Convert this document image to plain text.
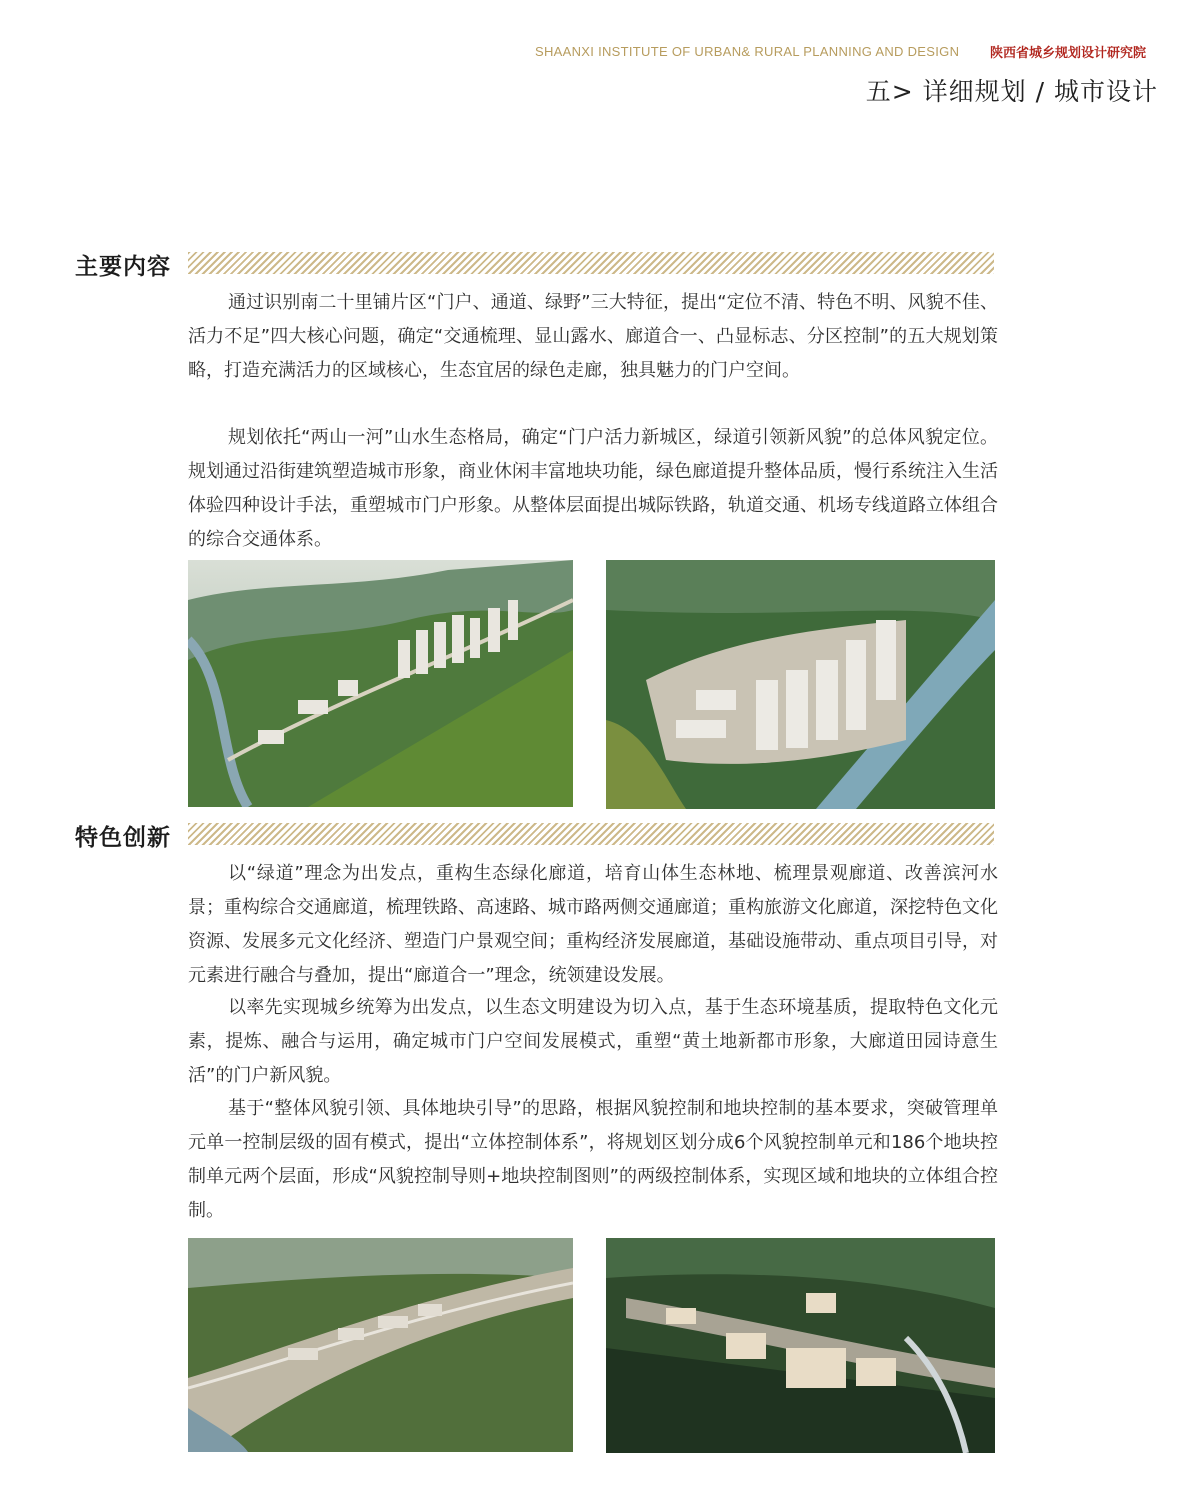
SHAANXI INSTITUTE OF URBAN& RURAL PLANNING AND DESIGN 陕西省城乡规划设计研究院
五> 详细规划 / 城市设计
主要内容

通过识别南二十里铺片区“门户、通道、绿野”三大特征，提出“定位不清、特色不明、风貌不佳、活力不足”四大核心问题，确定“交通梳理、显山露水、廊道合一、凸显标志、分区控制”的五大规划策略，打造充满活力的区域核心，生态宜居的绿色走廊，独具魅力的门户空间。

规划依托“两山一河”山水生态格局，确定“门户活力新城区，绿道引领新风貌”的总体风貌定位。规划通过沿街建筑塑造城市形象，商业休闲丰富地块功能，绿色廊道提升整体品质，慢行系统注入生活体验四种设计手法，重塑城市门户形象。从整体层面提出城际铁路，轨道交通、机场专线道路立体组合的综合交通体系。

特色创新

以“绿道”理念为出发点，重构生态绿化廊道，培育山体生态林地、梳理景观廊道、改善滨河水景；重构综合交通廊道，梳理铁路、高速路、城市路两侧交通廊道；重构旅游文化廊道，深挖特色文化资源、发展多元文化经济、塑造门户景观空间；重构经济发展廊道，基础设施带动、重点项目引导，对元素进行融合与叠加，提出“廊道合一”理念，统领建设发展。

以率先实现城乡统筹为出发点，以生态文明建设为切入点，基于生态环境基质，提取特色文化元素，提炼、融合与运用，确定城市门户空间发展模式，重塑“黄土地新都市形象，大廊道田园诗意生活”的门户新风貌。

基于“整体风貌引领、具体地块引导”的思路，根据风貌控制和地块控制的基本要求，突破管理单元单一控制层级的固有模式，提出“立体控制体系”，将规划区划分成6个风貌控制单元和186个地块控制单元两个层面，形成“风貌控制导则+地块控制图则”的两级控制体系，实现区域和地块的立体组合控制。
